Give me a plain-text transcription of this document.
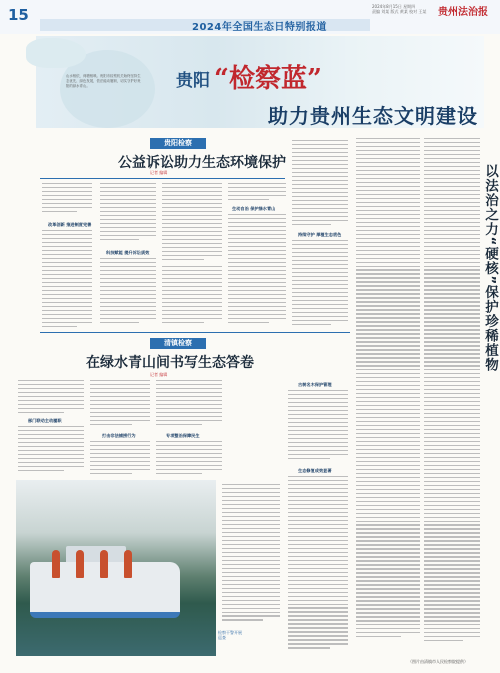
15	2024年8月15日 星期四
责编 刘某 版式 黄某 校对 王某 贵州法治报
2024年全国生态日特别报道
山水相依，荷塘相映。贵阳市检察机关始终坚持生态优先、绿色发展，依法能动履职，切实守护好贵阳的绿水青山。	贵阳 “检察蓝”
助力贵州生态文明建设
贵阳检察
公益诉讼助力生态环境保护
记者 编辑
改革创新 推进制度完善
科技赋能 提升诉讼质效
生动自治 保护绿水青山
持续守护 厚植生态底色
清镇检察
在绿水青山间书写生态答卷
记者 编辑
部门联动主动履职
打击非法捕捞行为	专项整治保障民生
古树名木保护管理
生态修复成效显著
检察干警开展巡查
以法治之力“硬核”保护珍稀植物
（图片由清镇市人民检察院提供）
